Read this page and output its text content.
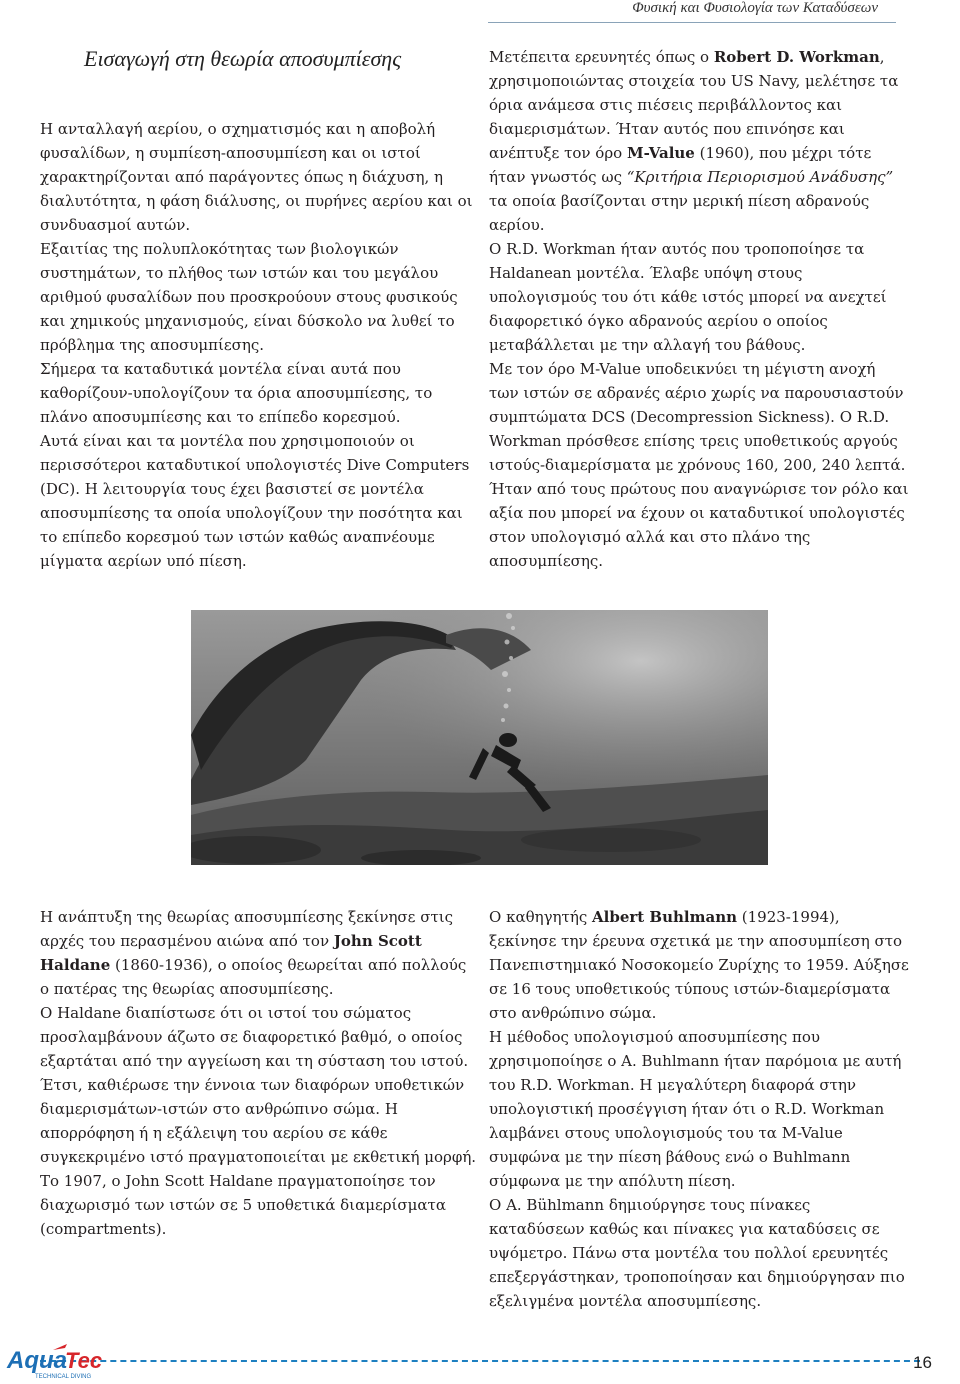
Φυσική και Φυσιολογία των Καταδύσεων
Εισαγωγή στη θεωρία αποσυμπίεσης

Η ανταλλαγή αερίου, ο σχηματισμός και η αποβολή φυσαλίδων, η συμπίεση-αποσυμπίεση και οι ιστοί χαρακτηρίζονται από παράγοντες όπως η διάχυση, η διαλυτότητα, η φάση διάλυσης, οι πυρήνες αερίου και οι συνδυασμοί αυτών.

Εξαιτίας της πολυπλοκότητας των βιολογικών συστημάτων, το πλήθος των ιστών και του μεγάλου αριθμού φυσαλίδων που προσκρούουν στους φυσικούς και χημικούς μηχανισμούς, είναι δύσκολο να λυθεί το πρόβλημα της αποσυμπίεσης.

Σήμερα τα καταδυτικά μοντέλα είναι αυτά που καθορίζουν-υπολογίζουν τα όρια αποσυμπίεσης, το πλάνο αποσυμπίεσης και το επίπεδο κορεσμού.

Αυτά είναι και τα μοντέλα που χρησιμοποιούν οι περισσότεροι καταδυτικοί υπολογιστές Dive Computers (DC). Η λειτουργία τους έχει βασιστεί σε μοντέλα αποσυμπίεσης τα οποία υπολογίζουν την ποσότητα και το επίπεδο κορεσμού των ιστών καθώς αναπνέουμε μίγματα αερίων υπό πίεση.

Μετέπειτα ερευνητές όπως ο Robert D. Workman, χρησιμοποιώντας στοιχεία του US Navy, μελέτησε τα όρια ανάμεσα στις πιέσεις περιβάλλοντος και διαμερισμάτων. Ήταν αυτός που επινόησε και ανέπτυξε τον όρο M-Value (1960), που μέχρι τότε ήταν γνωστός ως “Κριτήρια Περιορισμού Ανάδυσης” τα οποία βασίζονται στην μερική πίεση αδρανούς αερίου.

O R.D. Workman ήταν αυτός που τροποποίησε τα Haldanean μοντέλα. Έλαβε υπόψη στους υπολογισμούς του ότι κάθε ιστός μπορεί να ανεχτεί διαφορετικό όγκο αδρανούς αερίου ο οποίος μεταβάλλεται με την αλλαγή του βάθους.

Με τον όρο M-Value υποδεικνύει τη μέγιστη ανοχή των ιστών σε αδρανές αέριο χωρίς να παρουσιαστούν συμπτώματα DCS (Decompression Sickness). O R.D. Workman πρόσθεσε επίσης τρεις υποθετικούς αργούς ιστούς-διαμερίσματα με χρόνους 160, 200, 240 λεπτά. Ήταν από τους πρώτους που αναγνώρισε τον ρόλο και αξία που μπορεί να έχουν οι καταδυτικοί υπολογιστές στον υπολογισμό αλλά και στο πλάνο της αποσυμπίεσης.

Η ανάπτυξη της θεωρίας αποσυμπίεσης ξεκίνησε στις αρχές του περασμένου αιώνα από τον John Scott Haldane (1860-1936), ο οποίος θεωρείται από πολλούς ο πατέρας της θεωρίας αποσυμπίεσης.

O Haldane διαπίστωσε ότι οι ιστοί του σώματος προσλαμβάνουν άζωτο σε διαφορετικό βαθμό, ο οποίος εξαρτάται από την αγγείωση και τη σύσταση του ιστού. Έτσι, καθιέρωσε την έννοια των διαφόρων υποθετικών διαμερισμάτων-ιστών στο ανθρώπινο σώμα. Η απορρόφηση ή η εξάλειψη του αερίου σε κάθε συγκεκριμένο ιστό πραγματοποιείται με εκθετική μορφή.

Το 1907, ο John Scott Haldane πραγματοποίησε τον διαχωρισμό των ιστών σε 5 υποθετικά διαμερίσματα (compartments).

Ο καθηγητής Albert Buhlmann (1923-1994), ξεκίνησε την έρευνα σχετικά με την αποσυμπίεση στο Πανεπιστημιακό Νοσοκομείο Ζυρίχης το 1959. Αύξησε σε 16 τους υποθετικούς τύπους ιστών-διαμερίσματα στο ανθρώπινο σώμα.

Η μέθοδος υπολογισμού αποσυμπίεσης που χρησιμοποίησε ο A. Buhlmann ήταν παρόμοια με αυτή του R.D. Workman. Η μεγαλύτερη διαφορά στην υπολογιστική προσέγγιση ήταν ότι ο R.D. Workman λαμβάνει στους υπολογισμούς του τα M-Value συμφώνα με την πίεση βάθους ενώ ο Buhlmann σύμφωνα με την απόλυτη πίεση.

O A. Bühlmann δημιούργησε τους πίνακες καταδύσεων καθώς και πίνακες για καταδύσεις σε υψόμετρο. Πάνω στα μοντέλα του πολλοί ερευνητές επεξεργάστηκαν, τροποποίησαν και δημιούργησαν πιο εξελιγμένα μοντέλα αποσυμπίεσης.

Aqua
Tec
TECHNICAL DIVING
16
